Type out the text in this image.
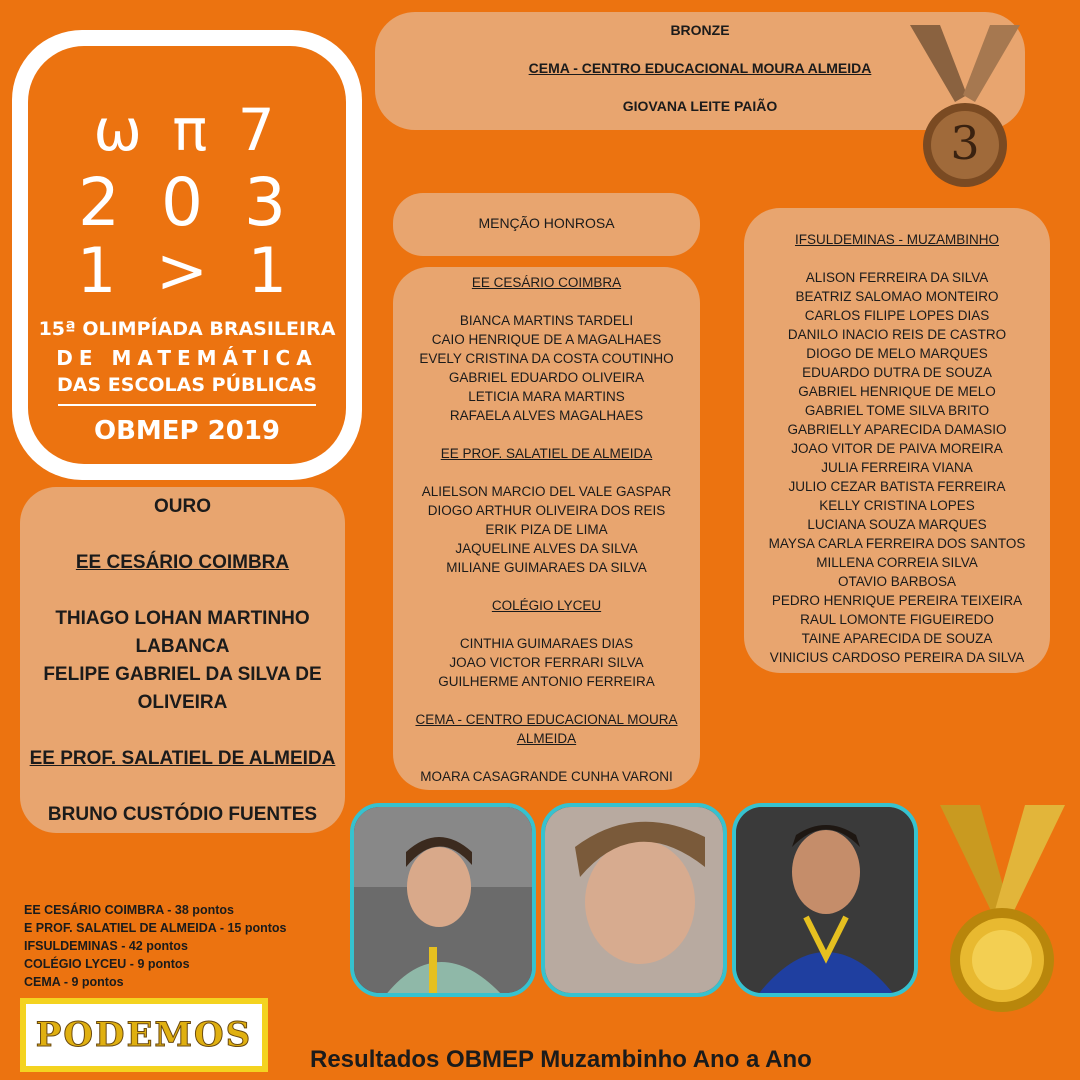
ω π 7
2 0 3
1 > 1
15ª OLIMPÍADA BRASILEIRA
DE MATEMÁTICA
DAS ESCOLAS PÚBLICAS
OBMEP 2019
BRONZE
CEMA - CENTRO EDUCACIONAL MOURA ALMEIDA
GIOVANA LEITE PAIÃO
3
MENÇÃO HONROSA
EE CESÁRIO COIMBRA
BIANCA MARTINS TARDELI
CAIO HENRIQUE DE A MAGALHAES
EVELY CRISTINA DA COSTA COUTINHO
GABRIEL EDUARDO OLIVEIRA
LETICIA MARA MARTINS
RAFAELA ALVES MAGALHAES
EE PROF. SALATIEL DE ALMEIDA
ALIELSON MARCIO DEL VALE GASPAR
DIOGO ARTHUR OLIVEIRA DOS REIS
ERIK PIZA DE LIMA
JAQUELINE ALVES DA SILVA
MILIANE GUIMARAES DA SILVA
COLÉGIO LYCEU
CINTHIA GUIMARAES DIAS
JOAO VICTOR FERRARI SILVA
GUILHERME ANTONIO FERREIRA
CEMA - CENTRO EDUCACIONAL MOURA ALMEIDA
MOARA CASAGRANDE CUNHA VARONI
IFSULDEMINAS - MUZAMBINHO
ALISON FERREIRA DA SILVA
BEATRIZ SALOMAO MONTEIRO
CARLOS FILIPE LOPES DIAS
DANILO INACIO REIS DE CASTRO
DIOGO DE MELO MARQUES
EDUARDO DUTRA DE SOUZA
GABRIEL HENRIQUE DE MELO
GABRIEL TOME SILVA BRITO
GABRIELLY APARECIDA DAMASIO
JOAO VITOR DE PAIVA MOREIRA
JULIA FERREIRA VIANA
JULIO CEZAR BATISTA FERREIRA
KELLY CRISTINA LOPES
LUCIANA SOUZA MARQUES
MAYSA CARLA FERREIRA DOS SANTOS
MILLENA CORREIA SILVA
OTAVIO BARBOSA
PEDRO HENRIQUE PEREIRA TEIXEIRA
RAUL LOMONTE FIGUEIREDO
TAINE APARECIDA DE SOUZA
VINICIUS CARDOSO PEREIRA DA SILVA
OURO
EE CESÁRIO COIMBRA
THIAGO LOHAN MARTINHO
LABANCA
FELIPE GABRIEL DA SILVA DE
OLIVEIRA
EE PROF. SALATIEL DE ALMEIDA
BRUNO CUSTÓDIO FUENTES
EE CESÁRIO COIMBRA - 38 pontos
E PROF. SALATIEL DE ALMEIDA - 15 pontos
IFSULDEMINAS - 42 pontos
COLÉGIO LYCEU - 9 pontos
CEMA - 9 pontos
PODEMOS
Resultados OBMEP Muzambinho Ano a Ano
